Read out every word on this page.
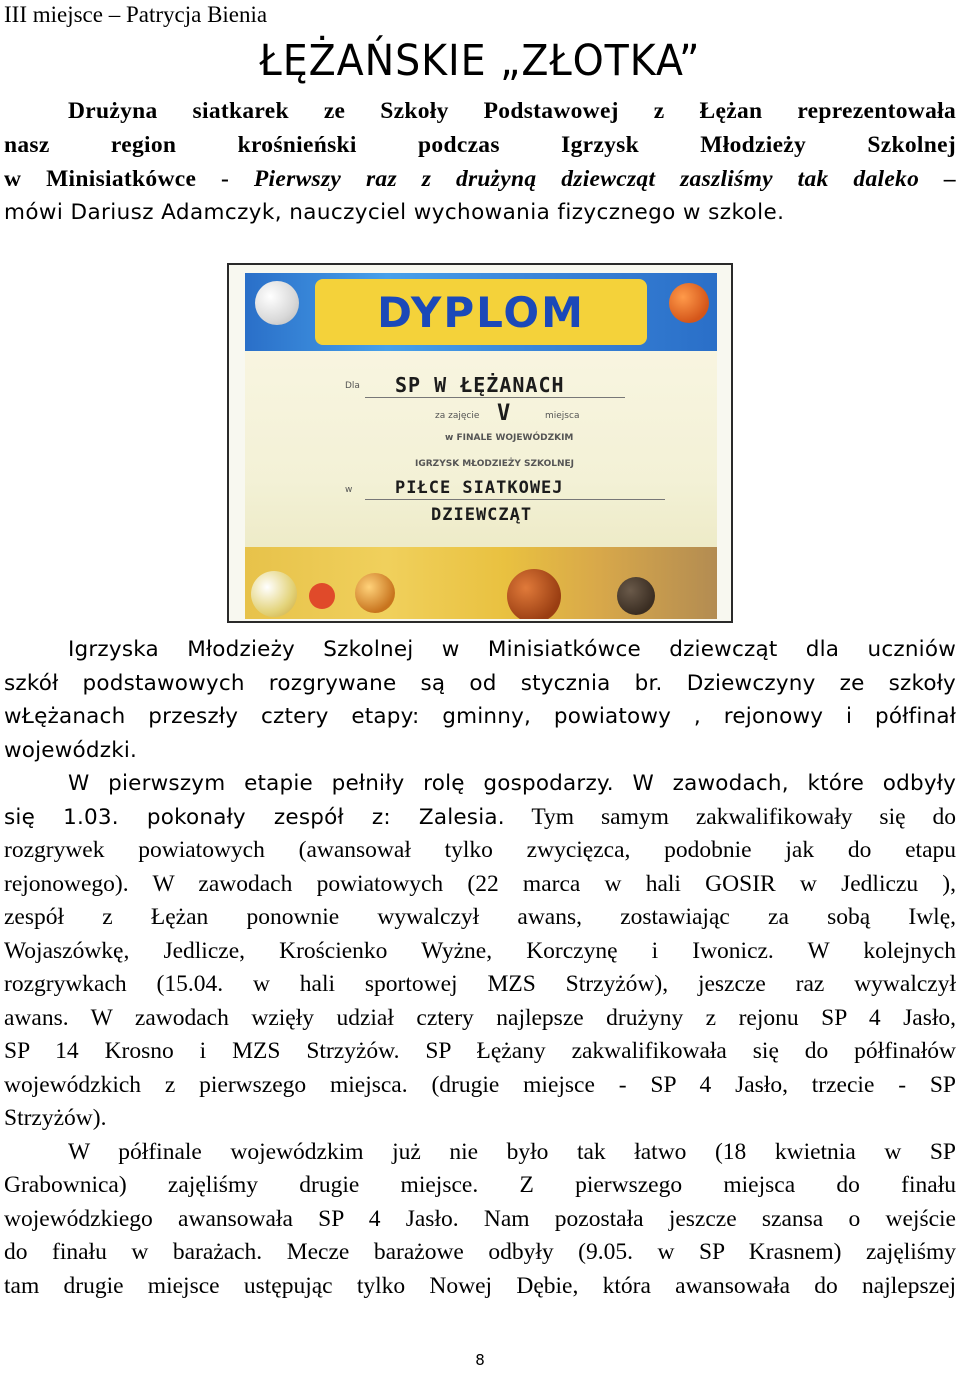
III miejsce – Patrycja Bienia
ŁĘŻAŃSKIE „ZŁOTKA”
Drużyna siatkarek ze Szkoły Podstawowej z Łężan reprezentowała
nasz region krośnieński podczas Igrzysk Młodzieży Szkolnej
w Minisiatkówce - Pierwszy raz z drużyną dziewcząt zaszliśmy tak daleko –
mówi Dariusz Adamczyk, nauczyciel wychowania fizycznego w szkole.
DYPLOM
Dla SP W ŁĘŻANACH
za zajęcie V	miejsca
w FINALE WOJEWÓDZKIM
IGRZYSK MŁODZIEŻY SZKOLNEJ
w	PIŁCE SIATKOWEJ
DZIEWCZĄT
Igrzyska Młodzieży Szkolnej w Minisiatkówce dziewcząt dla uczniów
szkół podstawowych rozgrywane są od stycznia br. Dziewczyny ze szkoły
wŁężanach przeszły cztery etapy: gminny, powiatowy , rejonowy i półfinał
wojewódzki.
W pierwszym etapie pełniły rolę gospodarzy. W zawodach, które odbyły
się 1.03. pokonały zespół z: Zalesia. Tym samym zakwalifikowały się do
rozgrywek powiatowych (awansował tylko zwycięzca, podobnie jak do etapu
rejonowego). W zawodach powiatowych (22 marca w hali GOSIR w Jedliczu ),
zespół z Łężan ponownie wywalczył awans, zostawiając za sobą Iwlę,
Wojaszówkę, Jedlicze, Krościenko Wyżne, Korczynę i Iwonicz. W kolejnych
rozgrywkach (15.04. w hali sportowej MZS Strzyżów), jeszcze raz wywalczył
awans. W zawodach wzięły udział cztery najlepsze drużyny z rejonu SP 4 Jasło,
SP 14 Krosno i MZS Strzyżów. SP Łężany zakwalifikowała się do półfinałów
wojewódzkich z pierwszego miejsca. (drugie miejsce - SP 4 Jasło, trzecie - SP
Strzyżów).
W półfinale wojewódzkim już nie było tak łatwo (18 kwietnia w SP
Grabownica) zajęliśmy drugie miejsce. Z pierwszego miejsca do finału
wojewódzkiego awansowała SP 4 Jasło. Nam pozostała jeszcze szansa o wejście
do finału w barażach. Mecze barażowe odbyły (9.05. w SP Krasnem) zajęliśmy
tam drugie miejsce ustępując tylko Nowej Dębie, która awansowała do najlepszej
8
